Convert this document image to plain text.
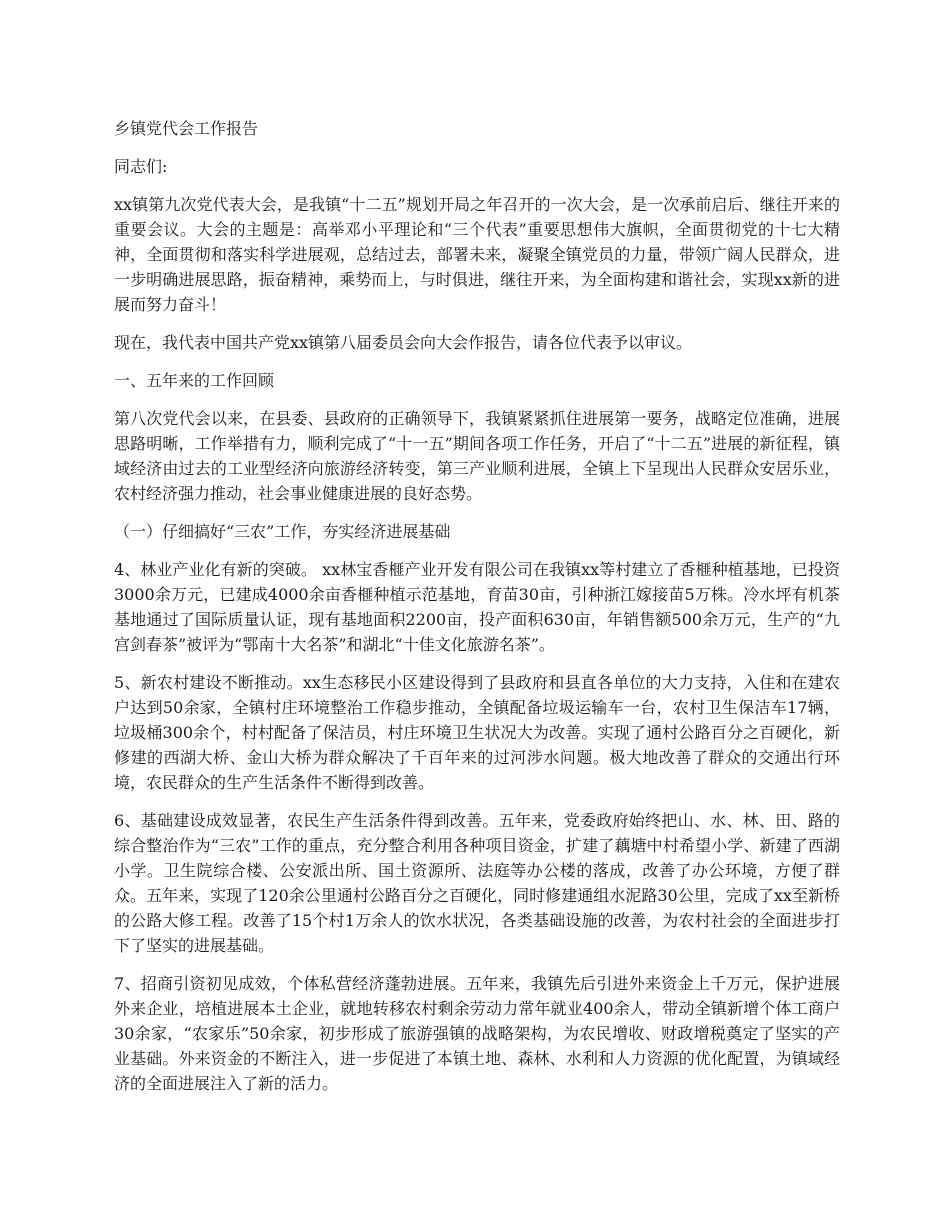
乡镇党代会工作报告

同志们:

xx镇第九次党代表大会，是我镇“十二五”规划开局之年召开的一次大会，是一次承前启后、继往开来的重要会议。大会的主题是：高举邓小平理论和“三个代表”重要思想伟大旗帜，全面贯彻党的十七大精神，全面贯彻和落实科学进展观，总结过去，部署未来，凝聚全镇党员的力量，带领广阔人民群众，进一步明确进展思路，振奋精神，乘势而上，与时俱进，继往开来，为全面构建和谐社会，实现xx新的进展而努力奋斗！

现在，我代表中国共产党xx镇第八届委员会向大会作报告，请各位代表予以审议。

一、五年来的工作回顾

第八次党代会以来，在县委、县政府的正确领导下，我镇紧紧抓住进展第一要务，战略定位准确，进展思路明晰，工作举措有力，顺利完成了“十一五”期间各项工作任务，开启了“十二五”进展的新征程，镇域经济由过去的工业型经济向旅游经济转变，第三产业顺利进展，全镇上下呈现出人民群众安居乐业，农村经济强力推动，社会事业健康进展的良好态势。

（一）仔细搞好“三农”工作，夯实经济进展基础

4、林业产业化有新的突破。 xx林宝香榧产业开发有限公司在我镇xx等村建立了香榧种植基地，已投资3000余万元，已建成4000余亩香榧种植示范基地，育苗30亩，引种浙江嫁接苗5万株。冷水坪有机茶基地通过了国际质量认证，现有基地面积2200亩，投产面积630亩，年销售额500余万元，生产的“九宫剑春茶”被评为“鄂南十大名茶”和湖北“十佳文化旅游名茶”。

5、新农村建设不断推动。xx生态移民小区建设得到了县政府和县直各单位的大力支持，入住和在建农户达到50余家，全镇村庄环境整治工作稳步推动，全镇配备垃圾运输车一台，农村卫生保洁车17辆，垃圾桶300余个，村村配备了保洁员，村庄环境卫生状况大为改善。实现了通村公路百分之百硬化，新修建的西湖大桥、金山大桥为群众解决了千百年来的过河涉水问题。极大地改善了群众的交通出行环境，农民群众的生产生活条件不断得到改善。

6、基础建设成效显著，农民生产生活条件得到改善。五年来，党委政府始终把山、水、林、田、路的综合整治作为“三农”工作的重点，充分整合利用各种项目资金，扩建了藕塘中村希望小学、新建了西湖小学。卫生院综合楼、公安派出所、国土资源所、法庭等办公楼的落成，改善了办公环境，方便了群众。五年来，实现了120余公里通村公路百分之百硬化，同时修建通组水泥路30公里，完成了xx至新桥的公路大修工程。改善了15个村1万余人的饮水状况，各类基础设施的改善，为农村社会的全面进步打下了坚实的进展基础。

7、招商引资初见成效，个体私营经济蓬勃进展。五年来，我镇先后引进外来资金上千万元，保护进展外来企业，培植进展本土企业，就地转移农村剩余劳动力常年就业400余人，带动全镇新增个体工商户30余家，“农家乐”50余家，初步形成了旅游强镇的战略架构，为农民增收、财政增税奠定了坚实的产业基础。外来资金的不断注入，进一步促进了本镇土地、森林、水利和人力资源的优化配置，为镇域经济的全面进展注入了新的活力。
